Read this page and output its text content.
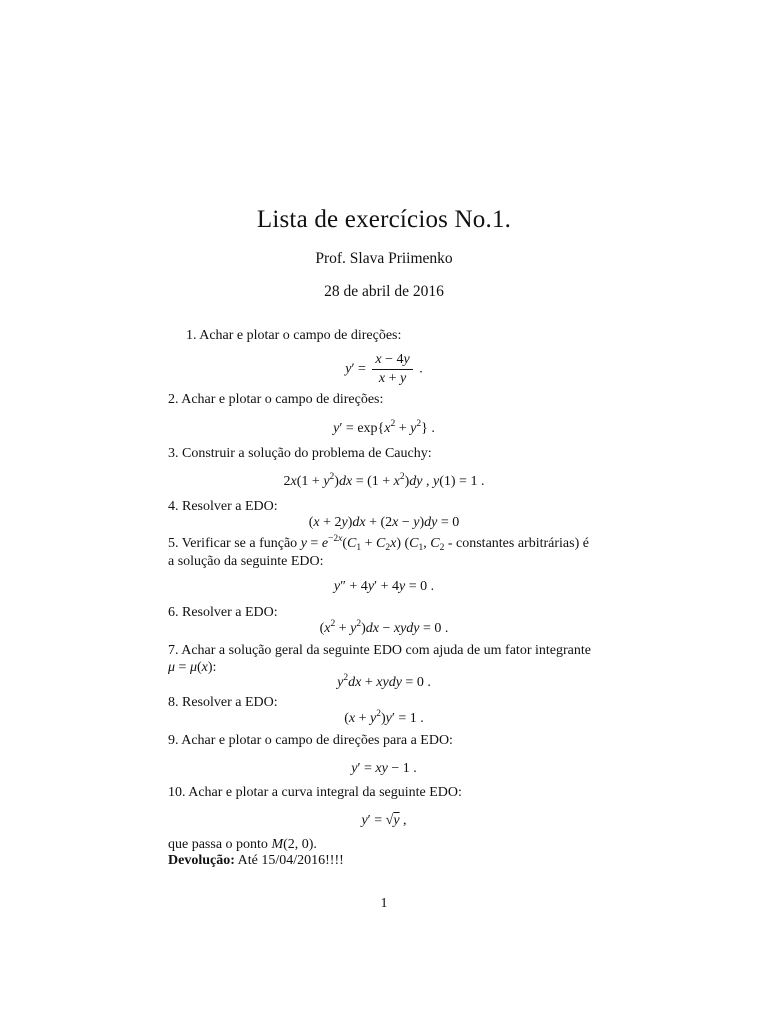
Lista de exercícios No.1.
Prof. Slava Priimenko
28 de abril de 2016
1. Achar e plotar o campo de direções:
$y' = \frac{x - 4y}{x + y}$ .
2. Achar e plotar o campo de direções:
$y' = \exp\{x^2 + y^2\}$ .
3. Construir a solução do problema de Cauchy:
$2x(1 + y^2)dx = (1 + x^2)dy$ , y(1) = 1 .
4. Resolver a EDO:
(x + 2y)dx + (2x − y)dy = 0
5. Verificar se a função $y = e^{-2x}(C_1 + C_2x)$ ($C_1$, $C_2$ - constantes arbitrárias) é
a solução da seguinte EDO:
y″ + 4y′ + 4y = 0 .
6. Resolver a EDO:
$(x^2 + y^2)dx$ − xydy = 0 .
7. Achar a solução geral da seguinte EDO com ajuda de um fator integrante
μ = μ(x):
$y^2dx$ + xydy = 0 .
8. Resolver a EDO:
$(x + y^2)y' = 1$ .
9. Achar e plotar o campo de direções para a EDO:
y′ = xy − 1 .
10. Achar e plotar a curva integral da seguinte EDO:
y′ = √y ,
que passa o ponto M(2, 0).
Devolução: Até 15/04/2016!!!!
1
